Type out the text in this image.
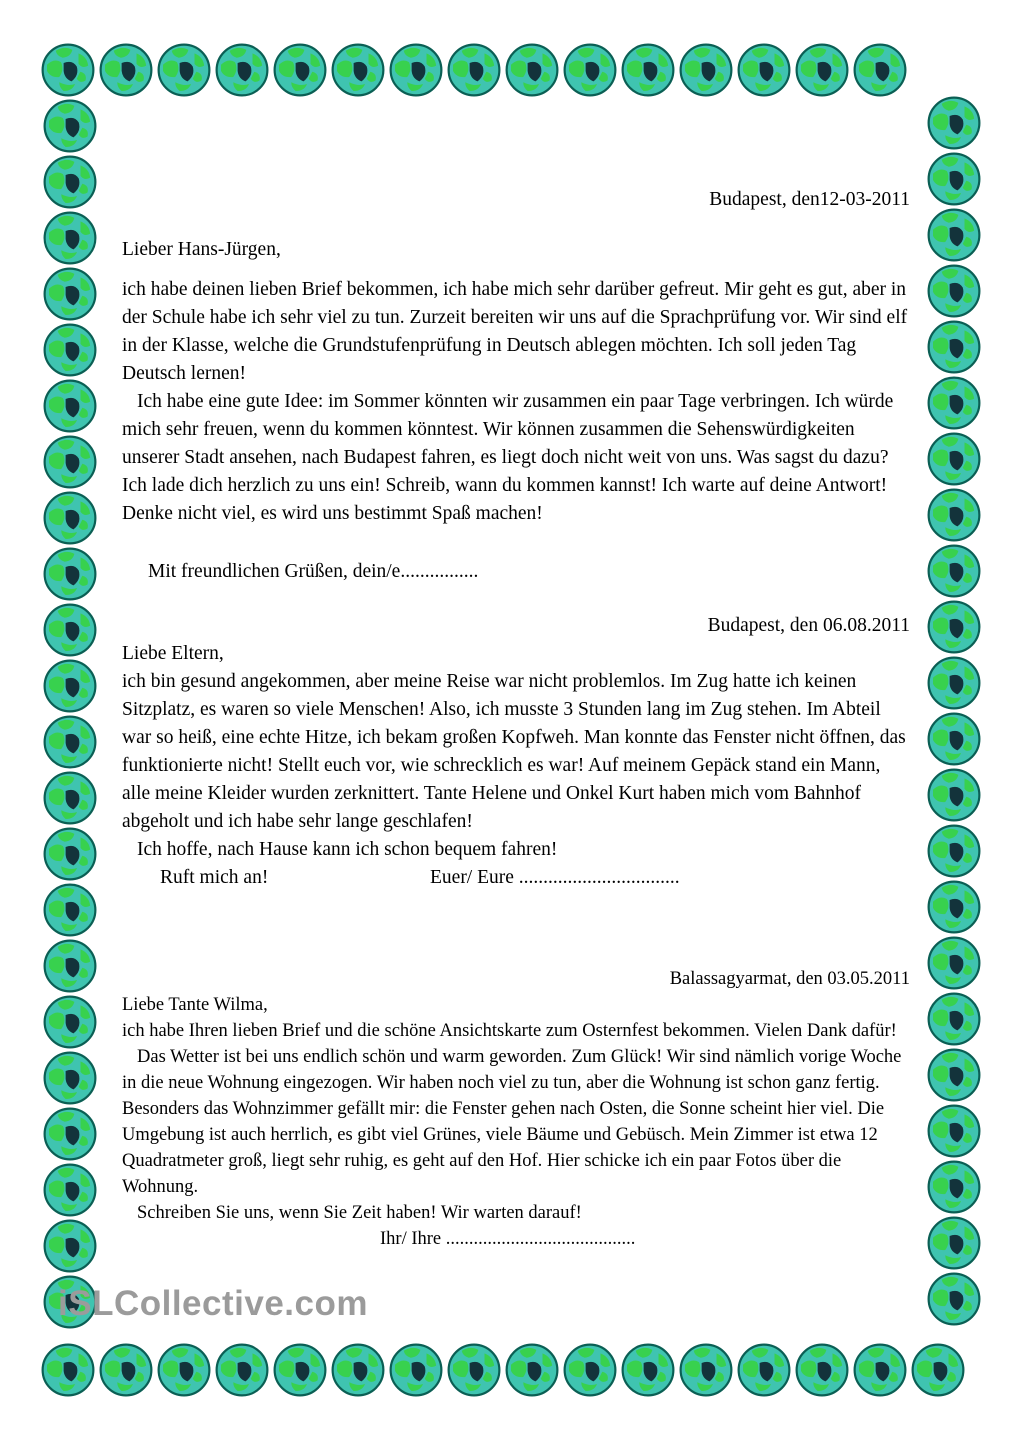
Budapest, den12-03-2011
Lieber Hans-Jürgen,

ich habe deinen lieben Brief bekommen, ich habe mich sehr darüber gefreut. Mir geht es gut, aber in der Schule habe ich sehr viel zu tun. Zurzeit bereiten wir uns auf die Sprachprüfung vor. Wir sind elf in der Klasse, welche die Grundstufenprüfung in Deutsch ablegen möchten. Ich soll jeden Tag Deutsch lernen!

Ich habe eine gute Idee: im Sommer könnten wir zusammen ein paar Tage verbringen. Ich würde mich sehr freuen, wenn du kommen könntest. Wir können zusammen die Sehenswürdigkeiten unserer Stadt ansehen, nach Budapest fahren, es liegt doch nicht weit von uns. Was sagst du dazu? Ich lade dich herzlich zu uns ein! Schreib, wann du kommen kannst! Ich warte auf deine Antwort! Denke nicht viel, es wird uns bestimmt Spaß machen!

Mit freundlichen Grüßen, dein/e................

Budapest, den 06.08.2011
Liebe Eltern,

ich bin gesund angekommen, aber meine Reise war nicht problemlos. Im Zug hatte ich keinen Sitzplatz, es waren so viele Menschen! Also, ich musste 3 Stunden lang im Zug stehen. Im Abteil war so heiß, eine echte Hitze, ich bekam großen Kopfweh. Man konnte das Fenster nicht öffnen, das funktionierte nicht! Stellt euch vor, wie schrecklich es war! Auf meinem Gepäck stand ein Mann, alle meine Kleider wurden zerknittert. Tante Helene und Onkel Kurt haben mich vom Bahnhof abgeholt und ich habe sehr lange geschlafen!

Ich hoffe, nach Hause kann ich schon bequem fahren!

Ruft mich an!	Euer/ Eure .................................
Balassagyarmat, den 03.05.2011
Liebe Tante Wilma,

ich habe Ihren lieben Brief und die schöne Ansichtskarte zum Osternfest bekommen. Vielen Dank dafür!

Das Wetter ist bei uns endlich schön und warm geworden. Zum Glück! Wir sind nämlich vorige Woche in die neue Wohnung eingezogen. Wir haben noch viel zu tun, aber die Wohnung ist schon ganz fertig. Besonders das Wohnzimmer gefällt mir: die Fenster gehen nach Osten, die Sonne scheint hier viel. Die Umgebung ist auch herrlich, es gibt viel Grünes, viele Bäume und Gebüsch. Mein Zimmer ist etwa 12 Quadratmeter groß, liegt sehr ruhig, es geht auf den Hof. Hier schicke ich ein paar Fotos über die Wohnung.

Schreiben Sie uns, wenn Sie Zeit haben! Wir warten darauf!

Ihr/ Ihre .........................................

iSLCollective.com
